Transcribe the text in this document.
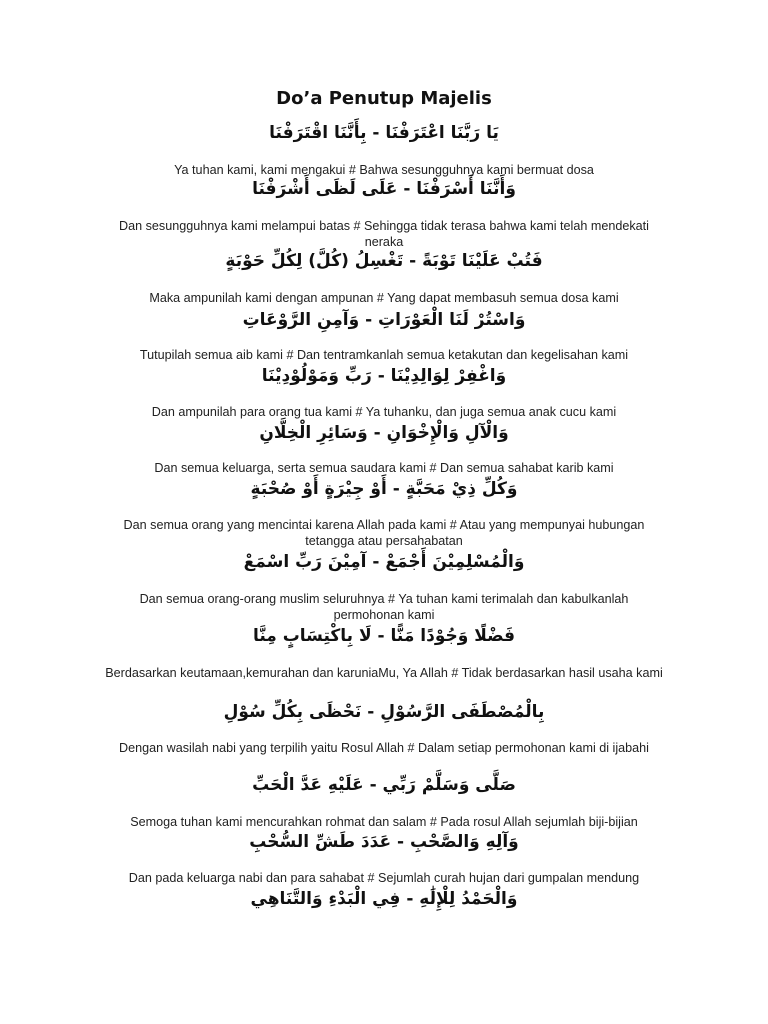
Do’a Penutup Majelis
يَا رَبَّنَا اعْتَرَفْنَا - بِأَنَّنَا اقْتَرَفْنَا
Ya tuhan kami, kami mengakui # Bahwa sesungguhnya kami bermuat dosa
وَأَنَّنَا أَسْرَفْنَا - عَلَى لَظَى أَشْرَفْنَا
Dan sesungguhnya kami melampui batas # Sehingga tidak terasa bahwa kami telah mendekati neraka
فَتُبْ عَلَيْنَا تَوْبَةً - تَغْسِلُ (كُلَّ) لِكُلِّ حَوْبَةٍ
Maka ampunilah kami dengan ampunan # Yang dapat membasuh semua dosa kami
وَاسْتُرْ لَنَا الْعَوْرَاتِ - وَآمِنِ الرَّوْعَاتِ
Tutupilah semua aib kami # Dan tentramkanlah semua ketakutan dan kegelisahan kami
وَاغْفِرْ لِوَالِدِيْنَا - رَبِّ وَمَوْلُوْدِيْنَا
Dan ampunilah para orang tua kami # Ya tuhanku, dan juga semua anak cucu kami
وَالْآلِ وَالْإِخْوَانِ - وَسَائِرِ الْخِلَّانِ
Dan semua keluarga, serta semua saudara kami # Dan semua sahabat karib kami
وَكُلِّ ذِيْ مَحَبَّةٍ - أَوْ جِيْرَةٍ أَوْ صُحْبَةٍ
Dan semua orang yang mencintai karena Allah pada kami # Atau yang mempunyai hubungan tetangga atau persahabatan
وَالْمُسْلِمِيْنَ أَجْمَعْ - آمِيْنَ رَبِّ اسْمَعْ
Dan semua orang-orang muslim seluruhnya # Ya tuhan kami terimalah dan kabulkanlah permohonan kami
فَضْلًا وَجُوْدًا مَنًّا - لَا بِاكْتِسَابٍ مِنَّا
Berdasarkan keutamaan,kemurahan dan karuniaMu, Ya Allah # Tidak berdasarkan hasil usaha kami
بِالْمُصْطَفَى الرَّسُوْلِ - نَحْظَى بِكُلِّ سُوْلِ
Dengan wasilah nabi yang terpilih yaitu Rosul Allah # Dalam setiap permohonan kami di ijabahi
صَلَّى وَسَلَّمْ رَبِّي - عَلَيْهِ عَدَّ الْحَبِّ
Semoga tuhan kami mencurahkan rohmat dan salam # Pada rosul Allah sejumlah biji-bijian
وَآلِهِ وَالصَّحْبِ - عَدَدَ طَشِّ السُّحْبِ
Dan pada keluarga nabi dan para sahabat # Sejumlah curah hujan dari gumpalan mendung
وَالْحَمْدُ لِلْإِلَٰهِ - فِي الْبَدْءِ وَالتَّنَاهِي
